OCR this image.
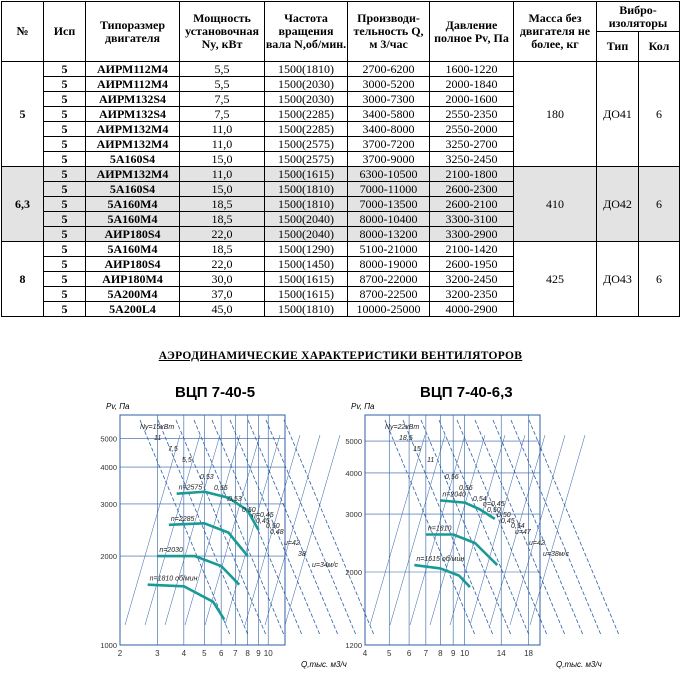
№	Исп	Типоразмер двигателя	Мощность установочная Ny, кВт	Частота вращения вала N,об/мин.	Производи-тельность Q, м 3/час	Давление полное Pv, Па	Масса без двигателя не более, кг	Вибро-изоляторы	
								Тип	Кол
5	5	АИРМ112М4	5,5	1500(1810)	2700-6200	1600-1220	180	ДО41	6
	5	АИРМ112М4	5,5	1500(2030)	3000-5200	2000-1840			
	5	АИРМ132S4	7,5	1500(2030)	3000-7300	2000-1600			
	5	АИРМ132S4	7,5	1500(2285)	3400-5800	2550-2350			
	5	АИРМ132М4	11,0	1500(2285)	3400-8000	2550-2000			
	5	АИРМ132М4	11,0	1500(2575)	3700-7200	3250-2700			
	5	5А160S4	15,0	1500(2575)	3700-9000	3250-2450			
6,3	5	АИРМ132М4	11,0	1500(1615)	6300-10500	2100-1800	410	ДО42	6
	5	5А160S4	15,0	1500(1810)	7000-11000	2600-2300			
	5	5А160М4	18,5	1500(1810)	7000-13500	2600-2100			
	5	5А160М4	18,5	1500(2040)	8000-10400	3300-3100			
	5	АИР180S4	22,0	1500(2040)	8000-13200	3300-2900			
8	5	5А160М4	18,5	1500(1290)	5100-21000	2100-1420	425	ДО43	6
	5	АИР180S4	22,0	1500(1450)	8000-19000	2600-1950			
	5	АИР180М4	30,0	1500(1615)	8700-22000	3200-2450			
	5	5А200М4	37,0	1500(1615)	8700-22500	3200-2350			
	5	5А200L4	45,0	1500(1810)	10000-25000	4000-2900			
АЭРОДИНАМИЧЕСКИЕ ХАРАКТЕРИСТИКИ ВЕНТИЛЯТОРОВ
ВЦП 7-40-5
Pv, Па
Q,тыс. м3/ч
2	3	4 5 6 7 8 9 10
1000
2000
3000
4000
5000
n=2575
n=2285
n=2030
n=1810 об/мин
Ny=15кВт
11
7,5
5,5
η=0,45
0,50
0,53
0,55
0,53
0,50
0,45
0,48
u=42
38
u=34м/с
ВЦП 7-40-6,3
Pv, Па
Q,тыс. м3/ч
4 5 6 7 8 9 10	14 18
1200
2000
3000
4000
5000
n=2040
n=1810
n=1615 об/мин
Ny=22кВт
18,5
15
11
η=0,45
0,50
0,54
0,56
0,56
0,54
0,50
0,45
u=47
u=42
u=38м/с
